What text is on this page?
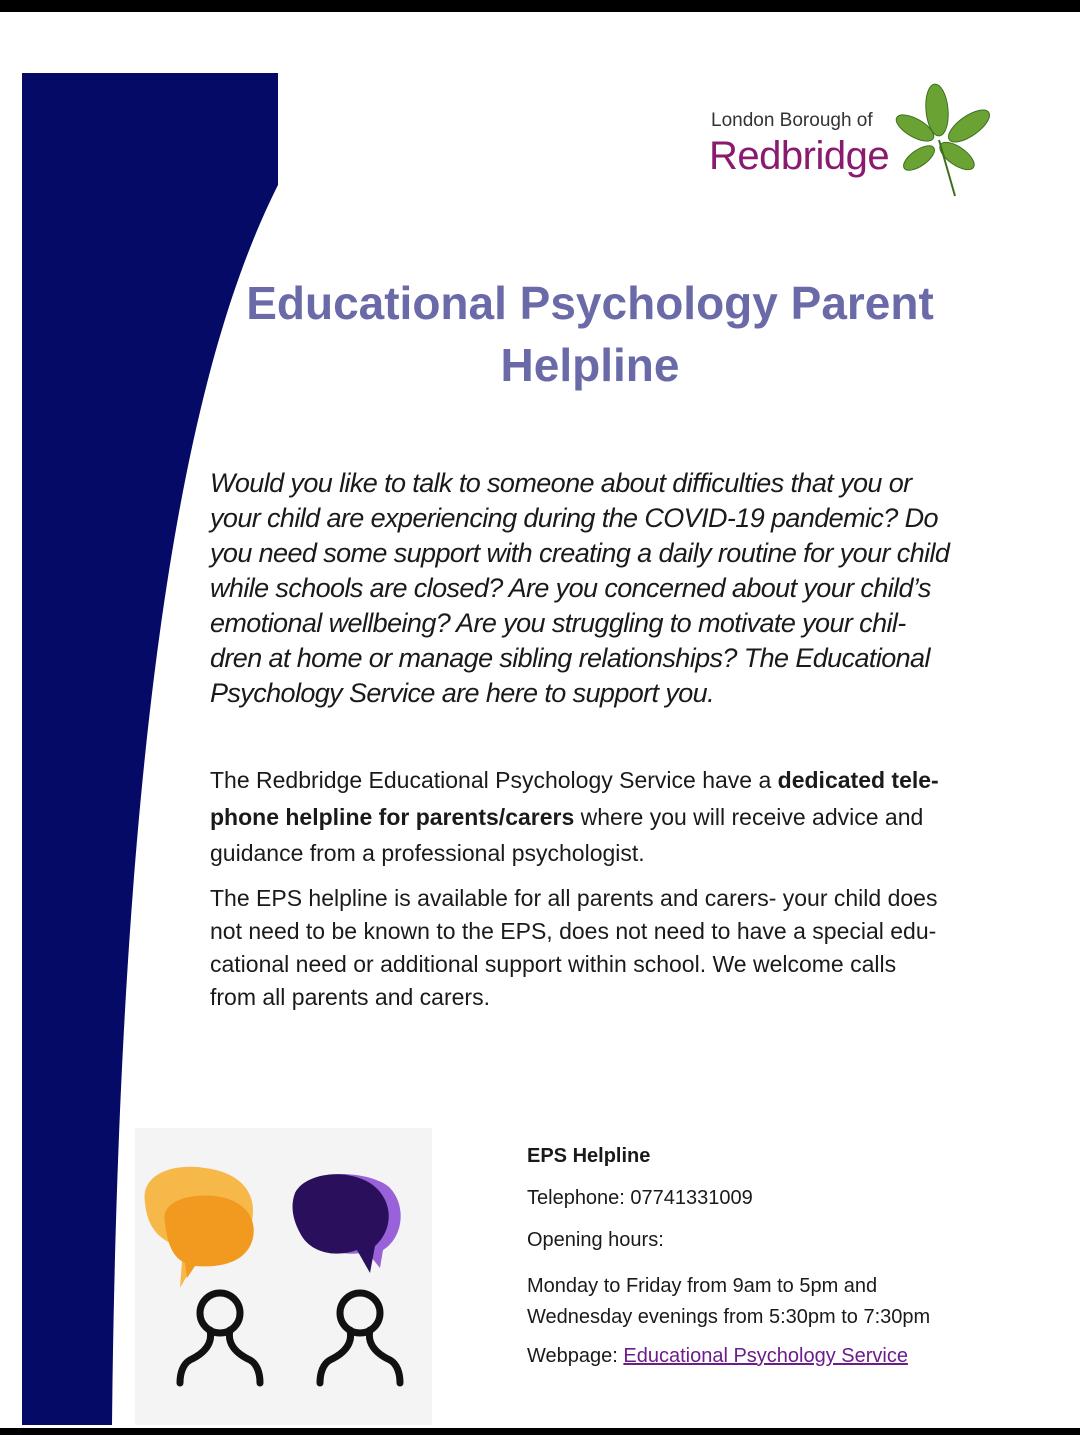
London Borough of
Redbridge
Educational Psychology Parent
Helpline
Would you like to talk to someone about difficulties that you or
your child are experiencing during the COVID-19 pandemic? Do
you need some support with creating a daily routine for your child
while schools are closed? Are you concerned about your child’s
emotional wellbeing? Are you struggling to motivate your chil-
dren at home or manage sibling relationships? The Educational
Psychology Service are here to support you.
The Redbridge Educational Psychology Service have a dedicated tele-
phone helpline for parents/carers where you will receive advice and
guidance from a professional psychologist.
The EPS helpline is available for all parents and carers- your child does
not need to be known to the EPS, does not need to have a special edu-
cational need or additional support within school. We welcome calls
from all parents and carers.
EPS Helpline
Telephone: 07741331009
Opening hours:
Monday to Friday from 9am to 5pm and
Wednesday evenings from 5:30pm to 7:30pm
Webpage: Educational Psychology Service
